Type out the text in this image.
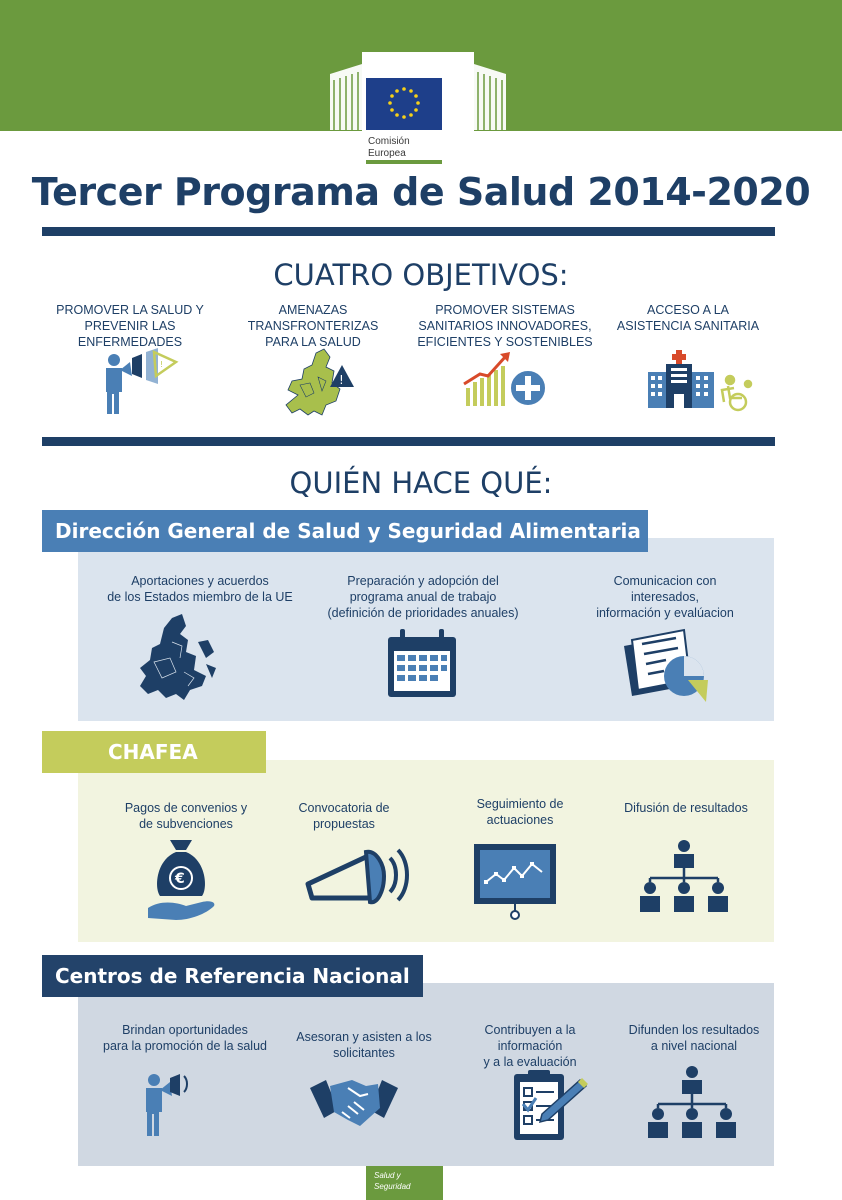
Comisión
Europea
Tercer Programa de Salud 2014-2020
CUATRO OBJETIVOS:
PROMOVER LA SALUD Y
PREVENIR LAS
ENFERMEDADES
AMENAZAS
TRANSFRONTERIZAS
PARA LA SALUD
PROMOVER SISTEMAS
SANITARIOS INNOVADORES,
EFICIENTES Y SOSTENIBLES
ACCESO A LA
ASISTENCIA SANITARIA
!
!
QUIÉN HACE QUÉ:
Dirección General de Salud y Seguridad Alimentaria
Aportaciones y acuerdos
de los Estados miembro de la UE
Preparación y adopción del
programa anual de trabajo
(definición de prioridades anuales)
Comunicacion con
interesados,
información y evalúacion
CHAFEA
Pagos de convenios y
de subvenciones
Convocatoria de
propuestas
Seguimiento de
actuaciones
Difusión de resultados
€
Centros de Referencia Nacional
Brindan oportunidades
para la promoción de la salud
Asesoran y asisten a los
solicitantes
Contribuyen a la
información
y a la evaluación
Difunden los resultados
a nivel nacional
Salud y
Seguridad
